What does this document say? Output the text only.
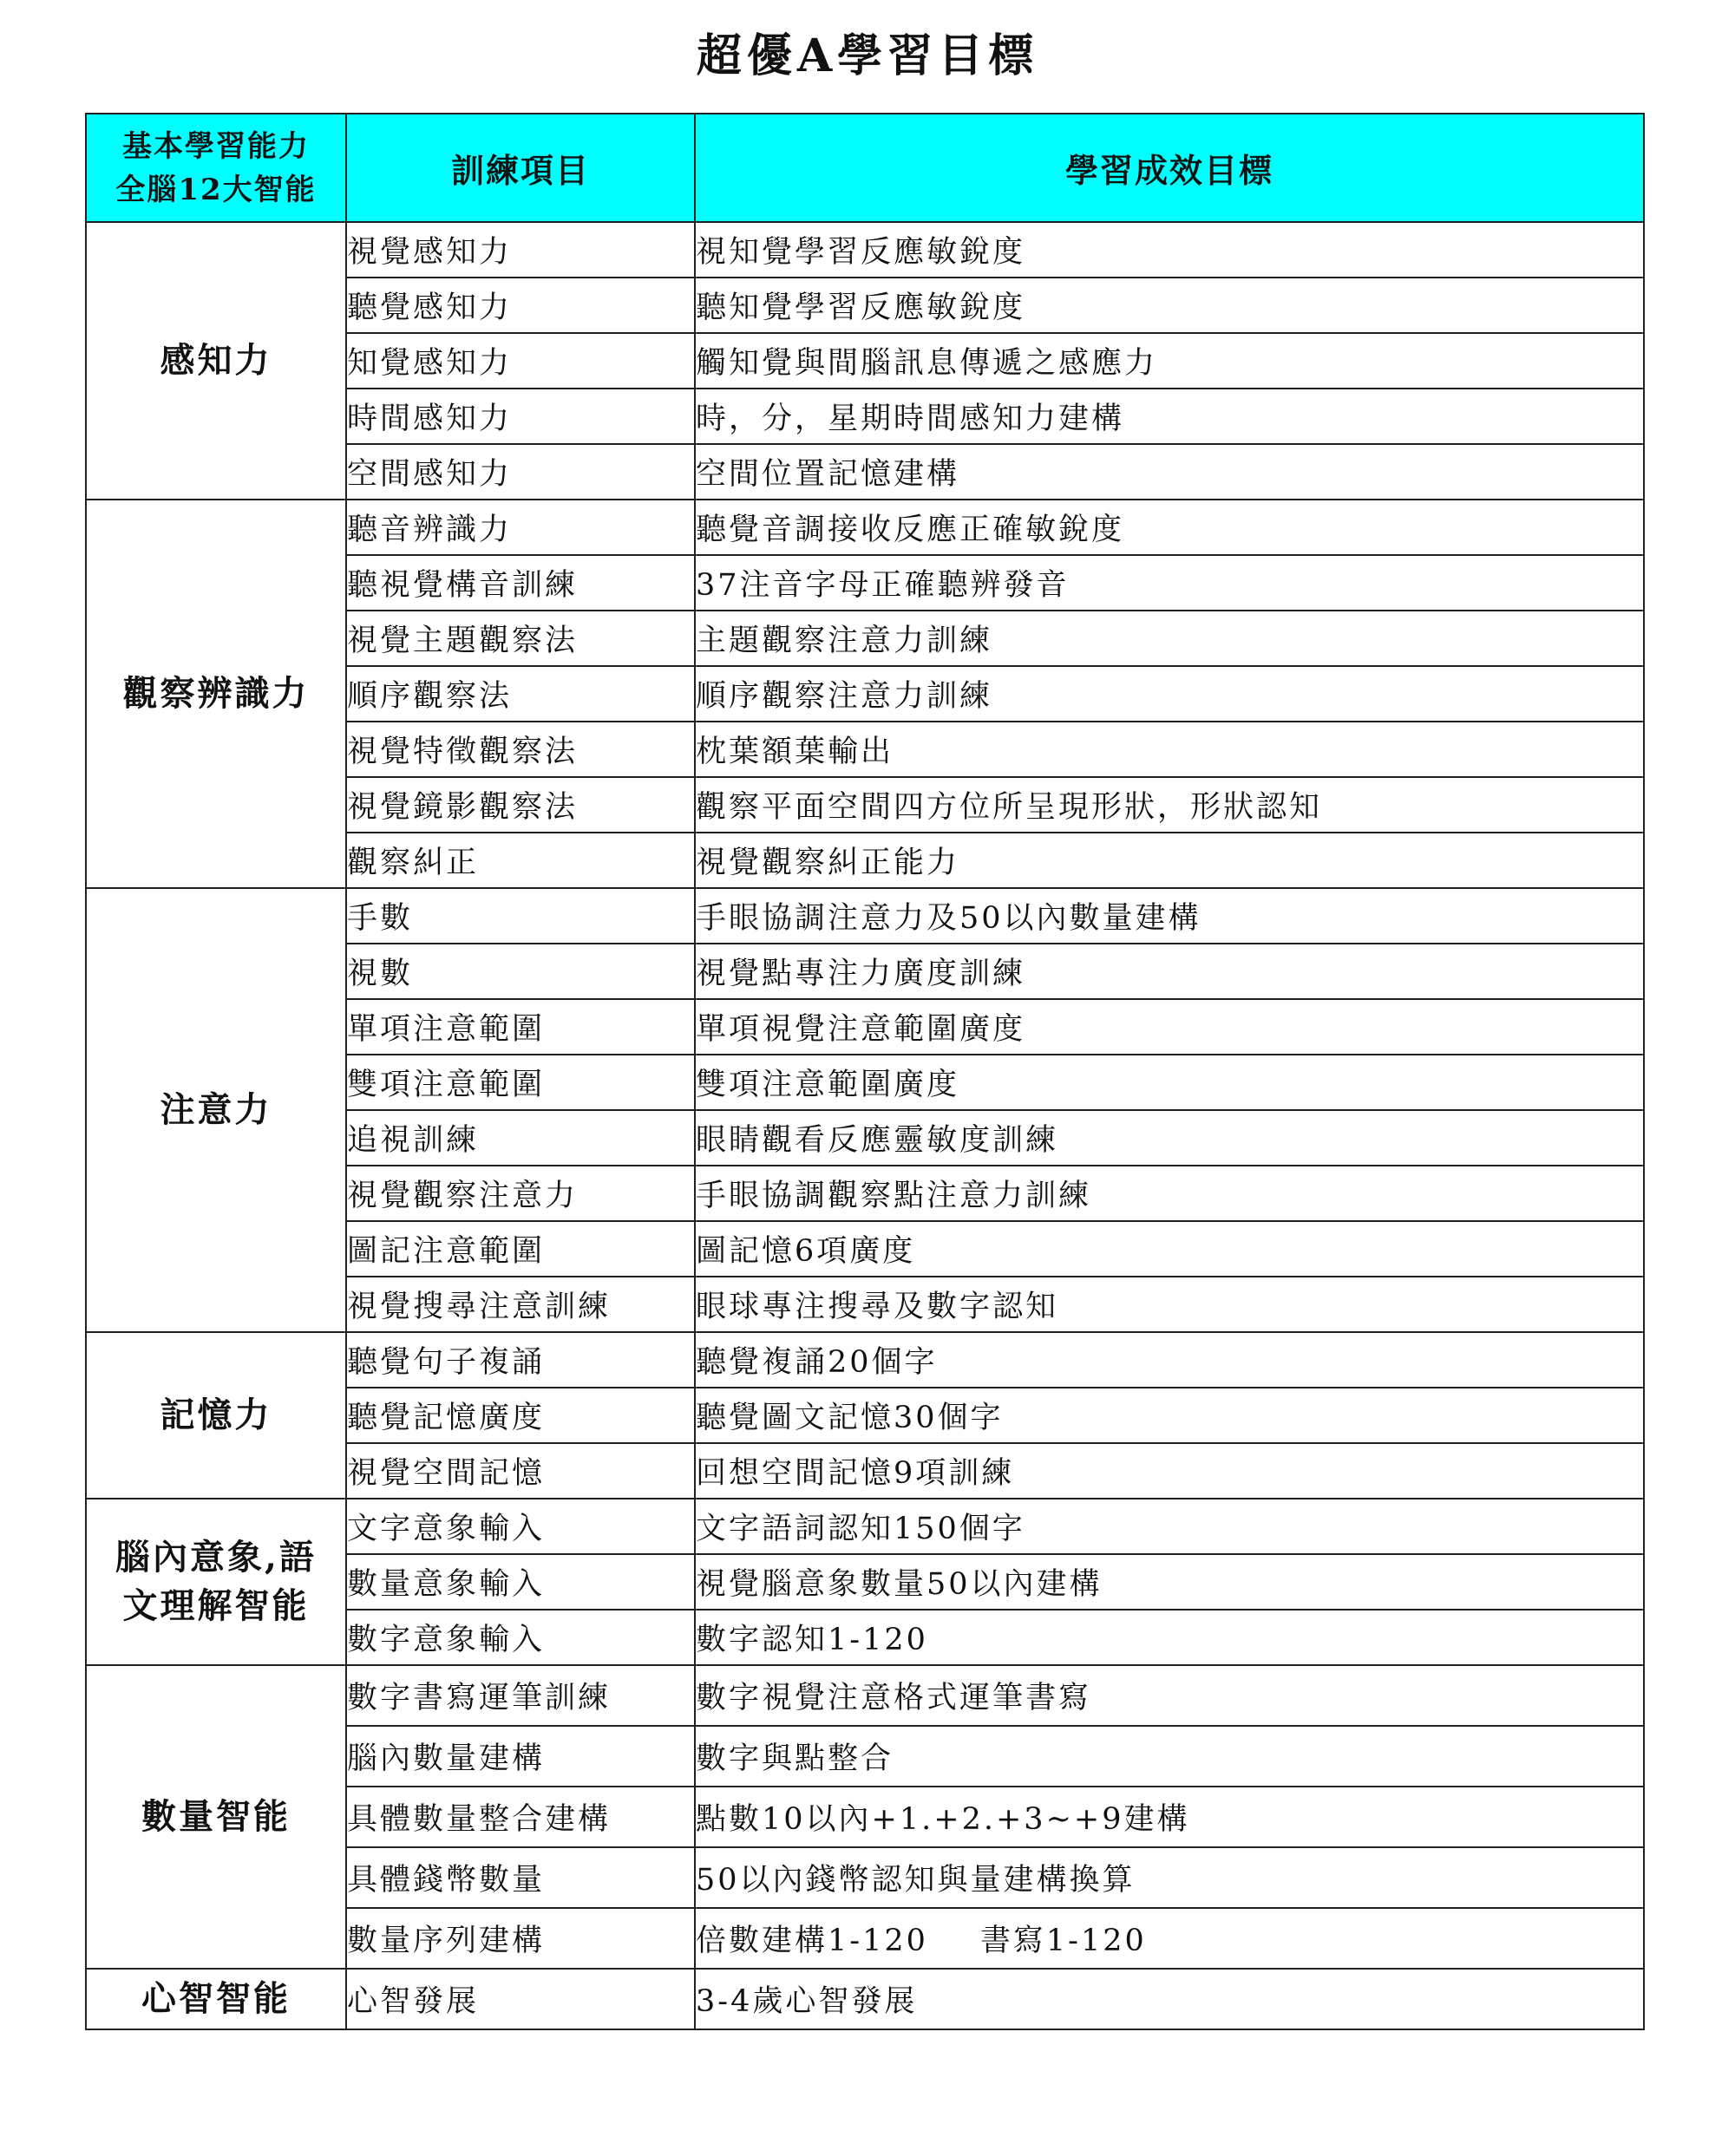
超優A學習目標
基本學習能力
全腦12大智能	訓練項目	學習成效目標

感知力	視覺感知力	視知覺學習反應敏銳度
	聽覺感知力	聽知覺學習反應敏銳度
	知覺感知力	觸知覺與間腦訊息傳遞之感應力
	時間感知力	時，分，星期時間感知力建構
	空間感知力	空間位置記憶建構

觀察辨識力	聽音辨識力	聽覺音調接收反應正確敏銳度
	聽視覺構音訓練	37注音字母正確聽辨發音
	視覺主題觀察法	主題觀察注意力訓練
	順序觀察法	順序觀察注意力訓練
	視覺特徵觀察法	枕葉額葉輸出
	視覺鏡影觀察法	觀察平面空間四方位所呈現形狀，形狀認知
	觀察糾正	視覺觀察糾正能力

注意力	手數	手眼協調注意力及50以內數量建構
	視數	視覺點專注力廣度訓練
	單項注意範圍	單項視覺注意範圍廣度
	雙項注意範圍	雙項注意範圍廣度
	追視訓練	眼睛觀看反應靈敏度訓練
	視覺觀察注意力	手眼協調觀察點注意力訓練
	圖記注意範圍	圖記憶6項廣度
	視覺搜尋注意訓練	眼球專注搜尋及數字認知

記憶力	聽覺句子複誦	聽覺複誦20個字
	聽覺記憶廣度	聽覺圖文記憶30個字
	視覺空間記憶	回想空間記憶9項訓練

腦內意象,語
文理解智能	文字意象輸入	文字語詞認知150個字
	數量意象輸入	視覺腦意象數量50以內建構
	數字意象輸入	數字認知1-120

數量智能	數字書寫運筆訓練	數字視覺注意格式運筆書寫
	腦內數量建構	數字與點整合
	具體數量整合建構	點數10以內+1.+2.+3~+9建構
	具體錢幣數量	50以內錢幣認知與量建構換算
	數量序列建構	倍數建構1-120 書寫1-120

心智智能	心智發展	3-4歲心智發展
